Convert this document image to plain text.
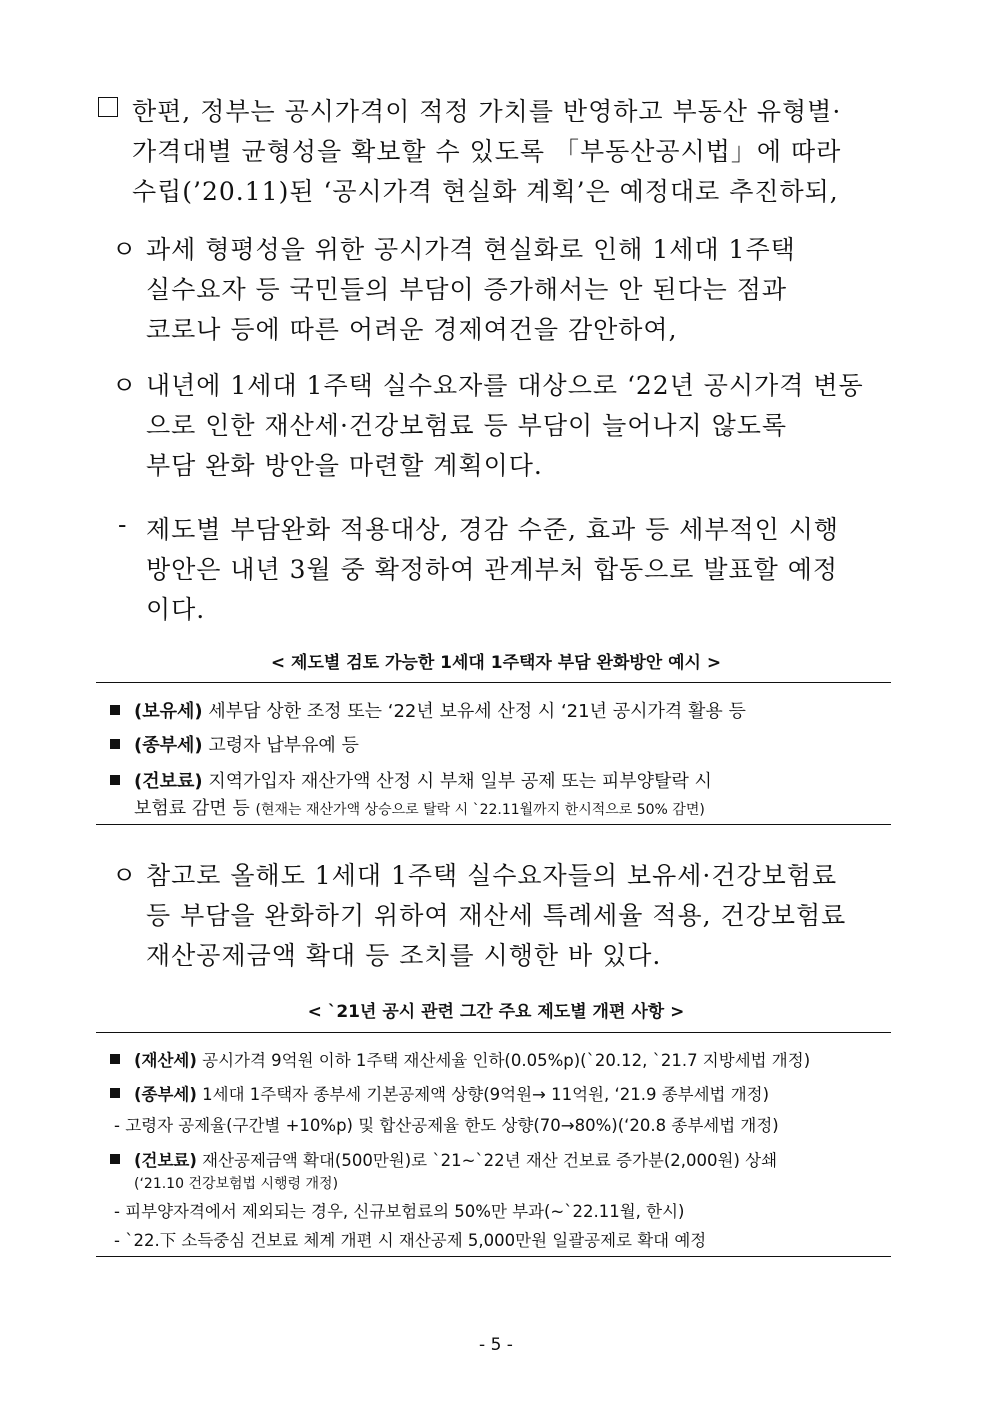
한편, 정부는 공시가격이 적정 가치를 반영하고 부동산 유형별·
가격대별 균형성을 확보할 수 있도록 「부동산공시법」에 따라
수립(’20.11)된 ‘공시가격 현실화 계획’은 예정대로 추진하되,
ㅇ 과세 형평성을 위한 공시가격 현실화로 인해 1세대 1주택
실수요자 등 국민들의 부담이 증가해서는 안 된다는 점과
코로나 등에 따른 어려운 경제여건을 감안하여,
ㅇ 내년에 1세대 1주택 실수요자를 대상으로 ‘22년 공시가격 변동
으로 인한 재산세·건강보험료 등 부담이 늘어나지 않도록
부담 완화 방안을 마련할 계획이다.
- 제도별 부담완화 적용대상, 경감 수준, 효과 등 세부적인 시행
방안은 내년 3월 중 확정하여 관계부처 합동으로 발표할 예정
이다.
< 제도별 검토 가능한 1세대 1주택자 부담 완화방안 예시 >
(보유세) 세부담 상한 조정 또는 ‘22년 보유세 산정 시 ‘21년 공시가격 활용 등
(종부세) 고령자 납부유예 등
(건보료) 지역가입자 재산가액 산정 시 부채 일부 공제 또는 피부양탈락 시
보험료 감면 등 (현재는 재산가액 상승으로 탈락 시 `22.11월까지 한시적으로 50% 감면)
ㅇ 참고로 올해도 1세대 1주택 실수요자들의 보유세·건강보험료
등 부담을 완화하기 위하여 재산세 특례세율 적용, 건강보험료
재산공제금액 확대 등 조치를 시행한 바 있다.
< `21년 공시 관련 그간 주요 제도별 개편 사항 >
(재산세) 공시가격 9억원 이하 1주택 재산세율 인하(0.05%p)(`20.12, `21.7 지방세법 개정)
(종부세) 1세대 1주택자 종부세 기본공제액 상향(9억원→ 11억원, ‘21.9 종부세법 개정)
- 고령자 공제율(구간별 +10%p) 및 합산공제율 한도 상향(70→80%)(‘20.8 종부세법 개정)
(건보료) 재산공제금액 확대(500만원)로 `21~`22년 재산 건보료 증가분(2,000원) 상쇄
(‘21.10 건강보험법 시행령 개정)
- 피부양자격에서 제외되는 경우, 신규보험료의 50%만 부과(~`22.11월, 한시)
- `22.下 소득중심 건보료 체계 개편 시 재산공제 5,000만원 일괄공제로 확대 예정
- 5 -
